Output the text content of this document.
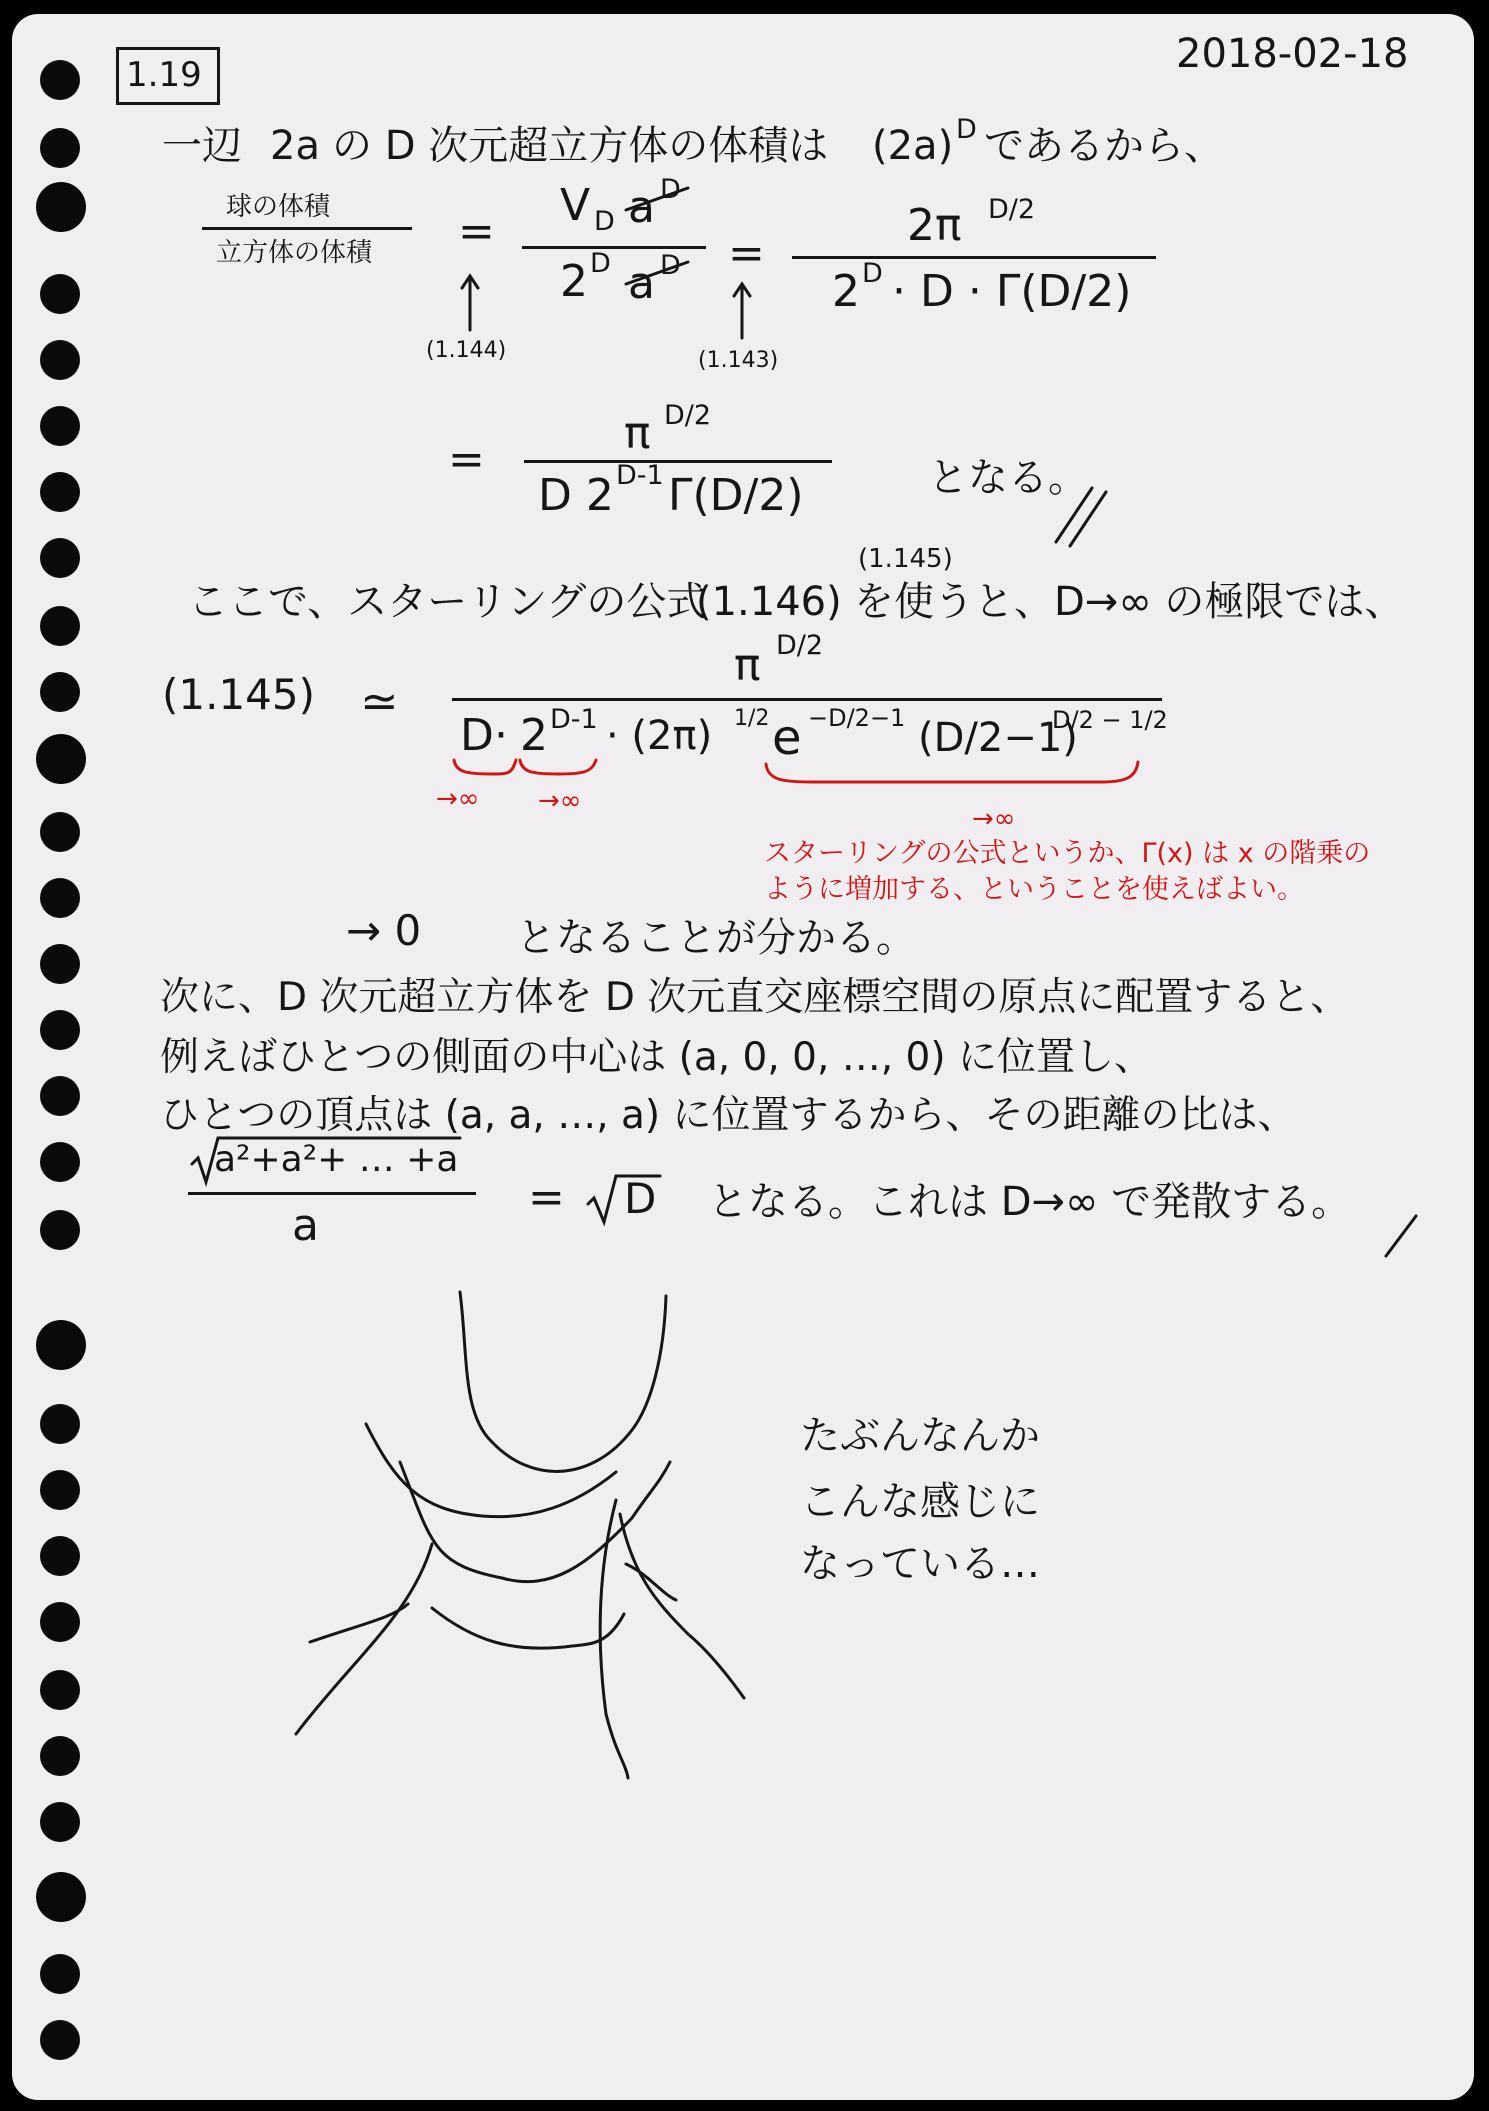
1.19	2018-02-18
一辺 2a の D 次元超立方体の体積は (2a) D であるから、
球の体積
立方体の体積 =
V D a D
2 D a D =
2π D/2
2 D · D · Γ(D/2)
(1.144)	(1.143)
=
π D/2
D 2 D-1 Γ(D/2)	となる。
(1.145)
ここで、スターリングの公式
(1.146) を使うと、D→∞ の極限では、
(1.145) ≃
π D/2
D · 2 D-1 · (2π) 1/2 e −D/2−1 (D/2−1)
D/2 − 1/2
→∞ →∞
→∞
スターリングの公式というか、Γ(x) は x の階乗の
ように増加する、ということを使えばよい。
→ 0 となることが分かる。
次に、D 次元超立方体を D 次元直交座標空間の原点に配置すると、
例えばひとつの側面の中心は (a, 0, 0, …, 0) に位置し、
ひとつの頂点は (a, a, …, a) に位置するから、その距離の比は、
a²+a²+ … +a
a
= D となる。これは D→∞ で発散する。
たぶんなんか
こんな感じに
なっている…
